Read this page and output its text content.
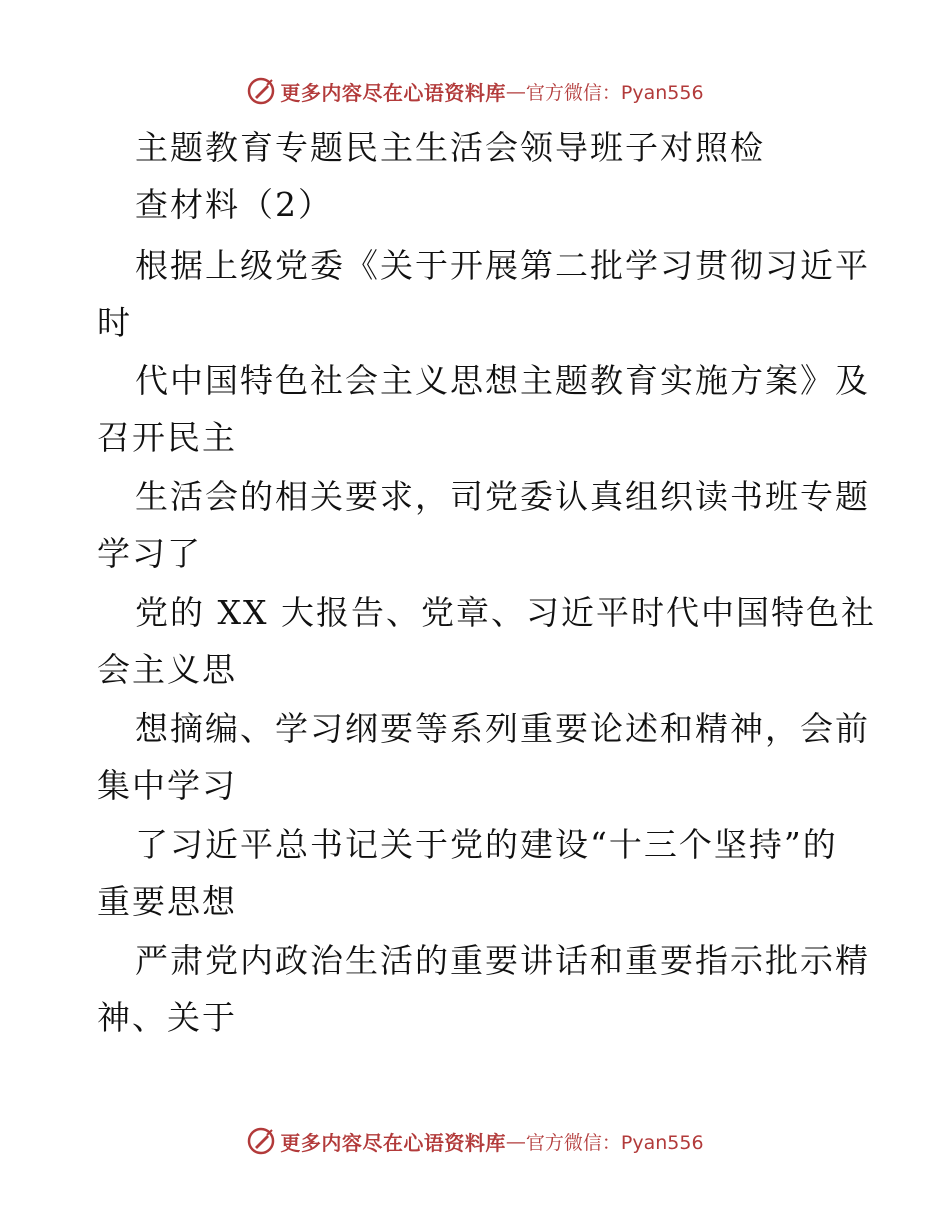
更多内容尽在心语资料库 — 官方微信：Pyan556
主题教育专题民主生活会领导班子对照检
查材料（2）
根据上级党委《关于开展第二批学习贯彻习近平
时
代中国特色社会主义思想主题教育实施方案》及
召开民主
生活会的相关要求，司党委认真组织读书班专题
学习了
党的 XX 大报告、党章、习近平时代中国特色社
会主义思
想摘编、学习纲要等系列重要论述和精神，会前
集中学习
了习近平总书记关于党的建设“十三个坚持”的
重要思想
严肃党内政治生活的重要讲话和重要指示批示精
神、关于
更多内容尽在心语资料库 — 官方微信：Pyan556
